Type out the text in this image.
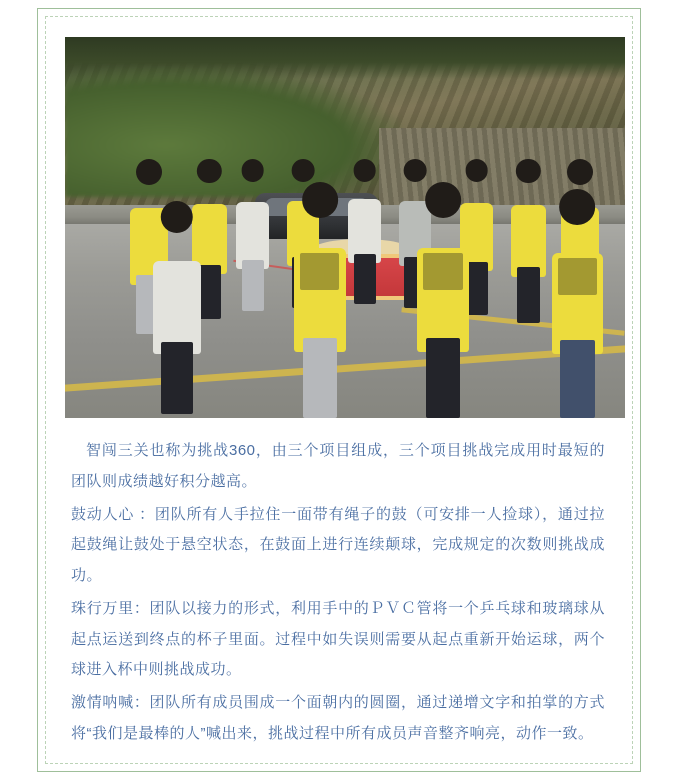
智闯三关也称为挑战360，由三个项目组成，三个项目挑战完成用时最短的团队则成绩越好积分越高。

鼓动人心 ：团队所有人手拉住一面带有绳子的鼓（可安排一人捡球），通过拉起鼓绳让鼓处于悬空状态，在鼓面上进行连续颠球，完成规定的次数则挑战成功。

珠行万里：团队以接力的形式，利用手中的ＰＶＣ管将一个乒乓球和玻璃球从起点运送到终点的杯子里面。过程中如失误则需要从起点重新开始运球，两个球进入杯中则挑战成功。

激情呐喊：团队所有成员围成一个面朝内的圆圈，通过递增文字和拍掌的方式将“我们是最棒的人”喊出来，挑战过程中所有成员声音整齐响亮，动作一致。
